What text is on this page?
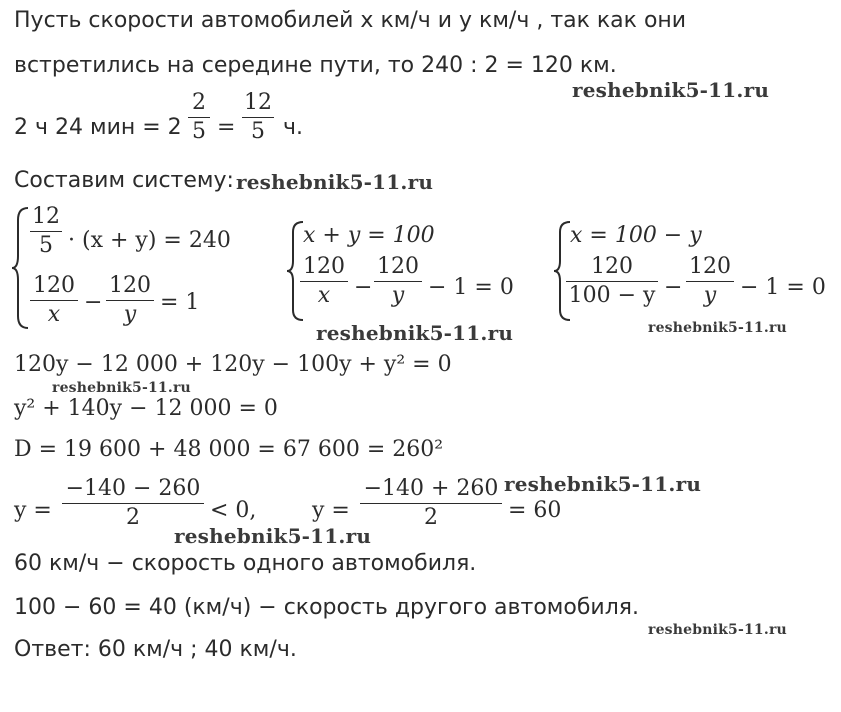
Пусть скорости автомобилей x км/ч и y км/ч , так как они
встретились на середине пути, то 240 : 2 = 120 км.
reshebnik5-11.ru
2 ч 24 мин = 2
2
5 =
12
5 ч.
Составим систему: reshebnik5-11.ru
12
5 · (x + y) = 240
120
x	−
120
y	= 1
x + y = 100
120
x	−
120
y	− 1 = 0
reshebnik5-11.ru
x = 100 − y
120
100 − y −
120
y	− 1 = 0
reshebnik5-11.ru
120y − 12 000 + 120y − 100y + y² = 0
reshebnik5-11.ru
y² + 140y − 12 000 = 0
D = 19 600 + 48 000 = 67 600 = 260²
y =
−140 − 260
2	< 0,	y =
−140 + 260
2	= 60
reshebnik5-11.ru
reshebnik5-11.ru
60 км/ч − скорость одного автомобиля.
100 − 60 = 40 (км/ч) − скорость другого автомобиля.
reshebnik5-11.ru
Ответ: 60 км/ч ; 40 км/ч.
